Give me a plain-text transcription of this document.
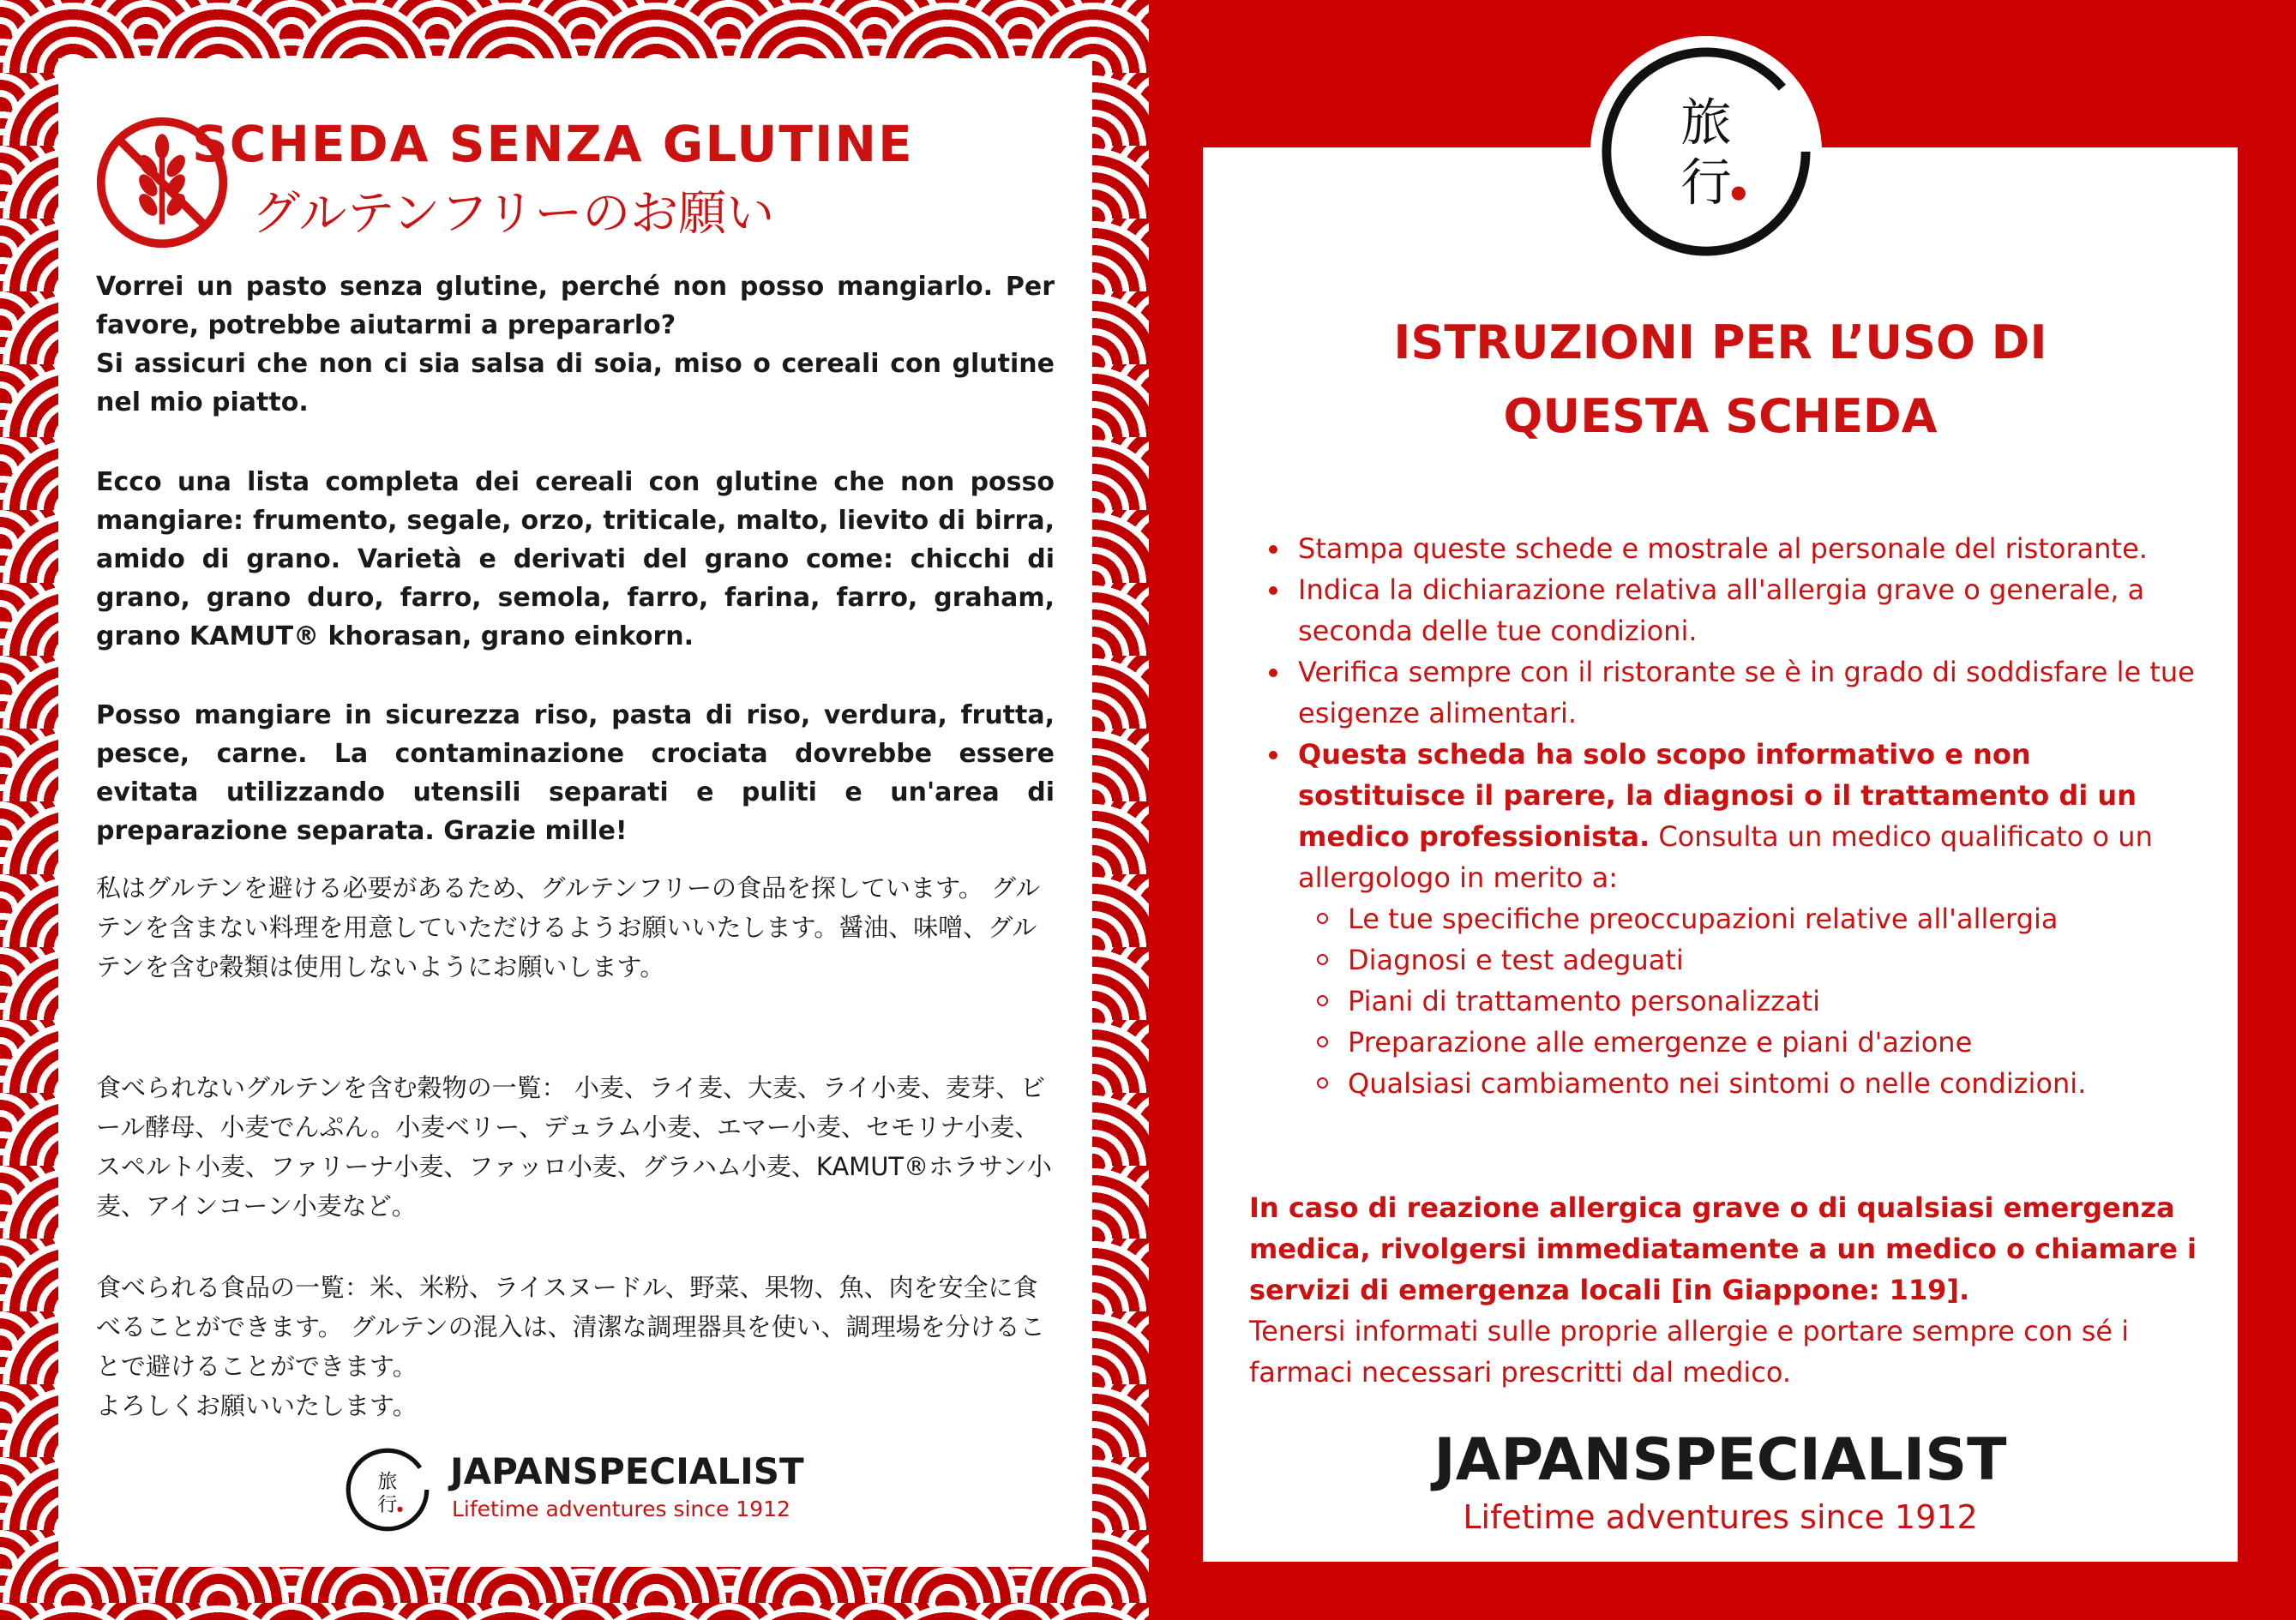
SCHEDA SENZA GLUTINE
グルテンフリーのお願い

Vorrei un pasto senza glutine, perché non posso mangiarlo. Per favore, potrebbe aiutarmi a prepararlo?

Si assicuri che non ci sia salsa di soia, miso o cereali con glutine nel mio piatto.

Ecco una lista completa dei cereali con glutine che non posso mangiare: frumento, segale, orzo, triticale, malto, lievito di birra, amido di grano. Varietà e derivati del grano come: chicchi di grano, grano duro, farro, semola, farro, farina, farro, graham, grano KAMUT® khorasan, grano einkorn.

Posso mangiare in sicurezza riso, pasta di riso, verdura, frutta, pesce, carne. La contaminazione crociata dovrebbe essere evitata utilizzando utensili separati e puliti e un'area di preparazione separata. Grazie mille!

私はグルテンを避ける必要があるため、グルテンフリーの食品を探しています。 グルテンを含まない料理を用意していただけるようお願いいたします。醤油、味噌、グルテンを含む穀類は使用しないようにお願いします。

食べられないグルテンを含む穀物の一覧： 小麦、ライ麦、大麦、ライ小麦、麦芽、ビール酵母、小麦でんぷん。小麦ベリー、デュラム小麦、エマー小麦、セモリナ小麦、スペルト小麦、ファリーナ小麦、ファッロ小麦、グラハム小麦、KAMUT®ホラサン小麦、アインコーン小麦など。

食べられる食品の一覧：米、米粉、ライスヌードル、野菜、果物、魚、肉を安全に食べることができます。 グルテンの混入は、清潔な調理器具を使い、調理場を分けることで避けることができます。

よろしくお願いいたします。

旅
行
JAPANSPECIALIST
Lifetime adventures since 1912
旅
行
ISTRUZIONI PER L’USO DI
QUESTA SCHEDA
Stampa queste schede e mostrale al personale del ristorante.
Indica la dichiarazione relativa all'allergia grave o generale, a seconda delle tue condizioni.
Verifica sempre con il ristorante se è in grado di soddisfare le tue esigenze alimentari.
Questa scheda ha solo scopo informativo e non sostituisce il parere, la diagnosi o il trattamento di un medico professionista. Consulta un medico qualificato o un allergologo in merito a:
Le tue specifiche preoccupazioni relative all'allergia
Diagnosi e test adeguati
Piani di trattamento personalizzati
Preparazione alle emergenze e piani d'azione
Qualsiasi cambiamento nei sintomi o nelle condizioni.

In caso di reazione allergica grave o di qualsiasi emergenza medica, rivolgersi immediatamente a un medico o chiamare i servizi di emergenza locali [in Giappone: 119].

Tenersi informati sulle proprie allergie e portare sempre con sé i farmaci necessari prescritti dal medico.

JAPANSPECIALIST
Lifetime adventures since 1912
